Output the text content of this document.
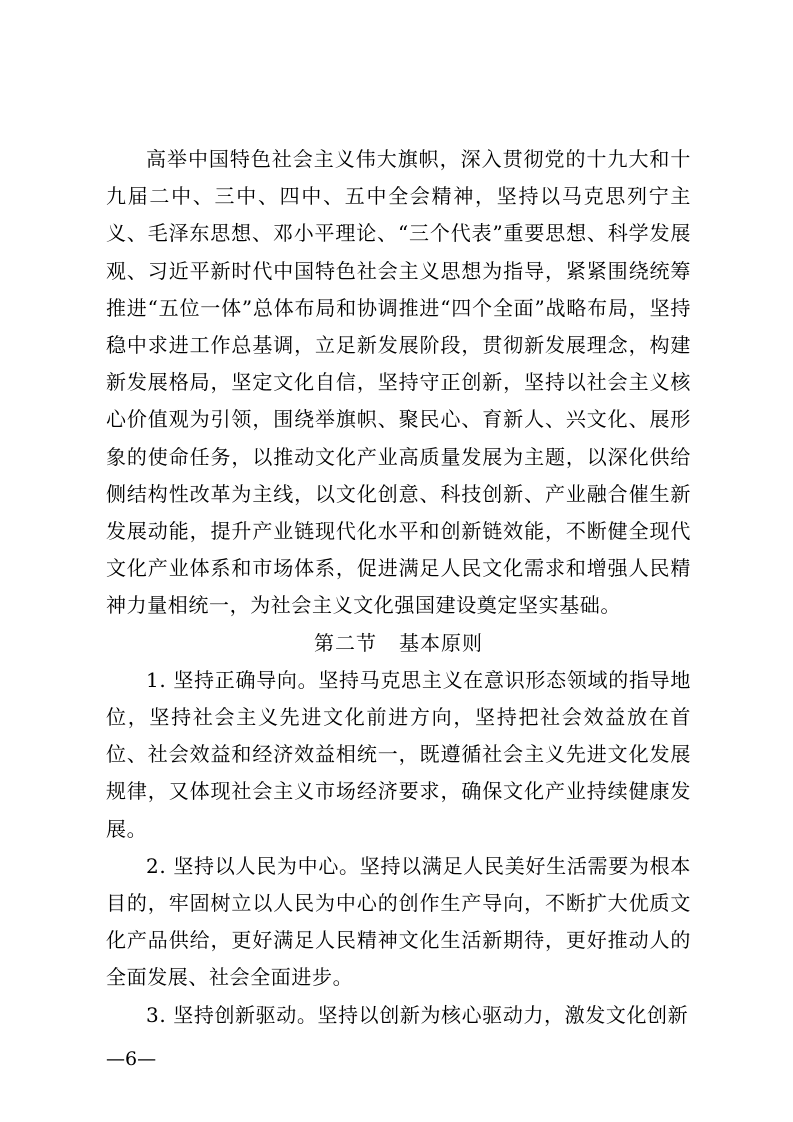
高举中国特色社会主义伟大旗帜，深入贯彻党的十九大和十九届二中、三中、四中、五中全会精神，坚持以马克思列宁主义、毛泽东思想、邓小平理论、“三个代表”重要思想、科学发展观、习近平新时代中国特色社会主义思想为指导，紧紧围绕统筹推进“五位一体”总体布局和协调推进“四个全面”战略布局，坚持稳中求进工作总基调，立足新发展阶段，贯彻新发展理念，构建新发展格局，坚定文化自信，坚持守正创新，坚持以社会主义核心价值观为引领，围绕举旗帜、聚民心、育新人、兴文化、展形象的使命任务，以推动文化产业高质量发展为主题，以深化供给侧结构性改革为主线，以文化创意、科技创新、产业融合催生新发展动能，提升产业链现代化水平和创新链效能，不断健全现代文化产业体系和市场体系，促进满足人民文化需求和增强人民精神力量相统一，为社会主义文化强国建设奠定坚实基础。

第二节 基本原则

1. 坚持正确导向。坚持马克思主义在意识形态领域的指导地位，坚持社会主义先进文化前进方向，坚持把社会效益放在首位、社会效益和经济效益相统一，既遵循社会主义先进文化发展规律，又体现社会主义市场经济要求，确保文化产业持续健康发展。

2. 坚持以人民为中心。坚持以满足人民美好生活需要为根本目的，牢固树立以人民为中心的创作生产导向，不断扩大优质文化产品供给，更好满足人民精神文化生活新期待，更好推动人的全面发展、社会全面进步。

3. 坚持创新驱动。坚持以创新为核心驱动力，激发文化创新

—6—
